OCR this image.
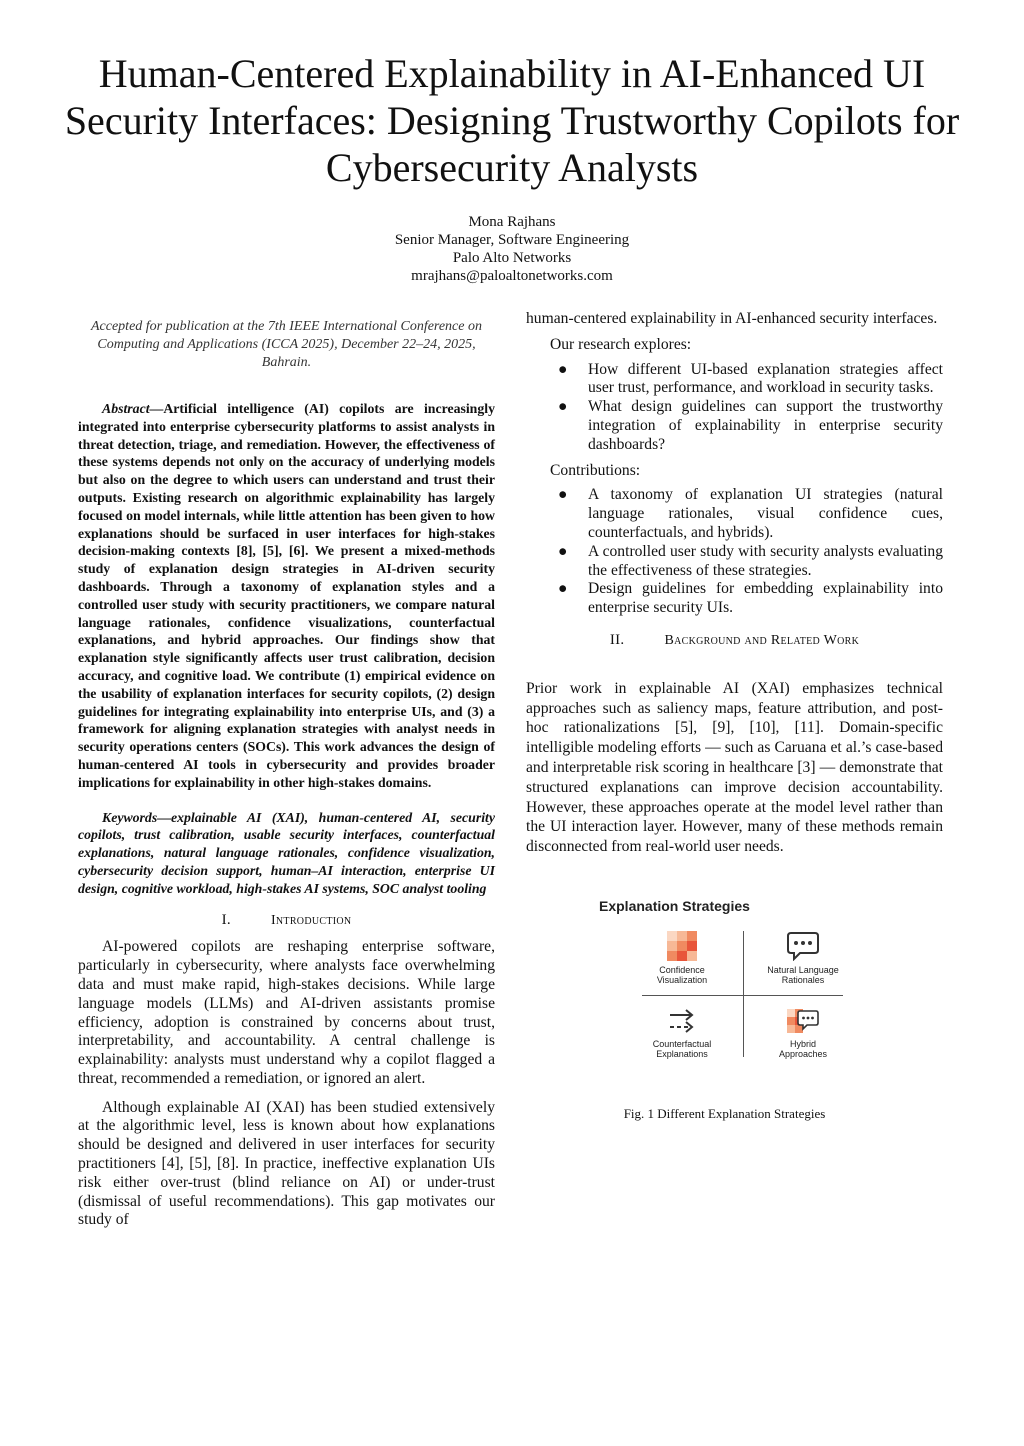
Human-Centered Explainability in AI-Enhanced UI Security Interfaces: Designing Trustworthy Copilots for Cybersecurity Analysts
Mona Rajhans
Senior Manager, Software Engineering
Palo Alto Networks
mrajhans@paloaltonetworks.com
Accepted for publication at the 7th IEEE International Conference on Computing and Applications (ICCA 2025), December 22–24, 2025, Bahrain.
Abstract—Artificial intelligence (AI) copilots are increasingly integrated into enterprise cybersecurity platforms to assist analysts in threat detection, triage, and remediation. However, the effectiveness of these systems depends not only on the accuracy of underlying models but also on the degree to which users can understand and trust their outputs. Existing research on algorithmic explainability has largely focused on model internals, while little attention has been given to how explanations should be surfaced in user interfaces for high-stakes decision-making contexts [8], [5], [6]. We present a mixed-methods study of explanation design strategies in AI-driven security dashboards. Through a taxonomy of explanation styles and a controlled user study with security practitioners, we compare natural language rationales, confidence visualizations, counterfactual explanations, and hybrid approaches. Our findings show that explanation style significantly affects user trust calibration, decision accuracy, and cognitive load. We contribute (1) empirical evidence on the usability of explanation interfaces for security copilots, (2) design guidelines for integrating explainability into enterprise UIs, and (3) a framework for aligning explanation strategies with analyst needs in security operations centers (SOCs). This work advances the design of human-centered AI tools in cybersecurity and provides broader implications for explainability in other high-stakes domains.
Keywords—explainable AI (XAI), human-centered AI, security copilots, trust calibration, usable security interfaces, counterfactual explanations, natural language rationales, confidence visualization, cybersecurity decision support, human–AI interaction, enterprise UI design, cognitive workload, high-stakes AI systems, SOC analyst tooling
I.	Introduction

AI-powered copilots are reshaping enterprise software, particularly in cybersecurity, where analysts face overwhelming data and must make rapid, high-stakes decisions. While large language models (LLMs) and AI-driven assistants promise efficiency, adoption is constrained by concerns about trust, interpretability, and accountability. A central challenge is explainability: analysts must understand why a copilot flagged a threat, recommended a remediation, or ignored an alert.

Although explainable AI (XAI) has been studied extensively at the algorithmic level, less is known about how explanations should be designed and delivered in user interfaces for security practitioners [4], [5], [8]. In practice, ineffective explanation UIs risk either over-trust (blind reliance on AI) or under-trust (dismissal of useful recommendations). This gap motivates our study of

human-centered explainability in AI-enhanced security interfaces.

Our research explores:
● How different UI-based explanation strategies affect user trust, performance, and workload in security tasks.
● What design guidelines can support the trustworthy integration of explainability in enterprise security dashboards?
Contributions:
● A taxonomy of explanation UI strategies (natural language rationales, visual confidence cues, counterfactuals, and hybrids).
● A controlled user study with security analysts evaluating the effectiveness of these strategies.
● Design guidelines for embedding explainability into enterprise security UIs.
II.	Background and Related Work

Prior work in explainable AI (XAI) emphasizes technical approaches such as saliency maps, feature attribution, and post-hoc rationalizations [5], [9], [10], [11]. Domain-specific intelligible modeling efforts — such as Caruana et al.’s case-based and interpretable risk scoring in healthcare [3] — demonstrate that structured explanations can improve decision accountability. However, these approaches operate at the model level rather than the UI interaction layer. However, many of these methods remain disconnected from real-world user needs.

Explanation Strategies
Confidence
Visualization
Natural Language
Rationales
Counterfactual
Explanations
Hybrid
Approaches
Fig. 1 Different Explanation Strategies
